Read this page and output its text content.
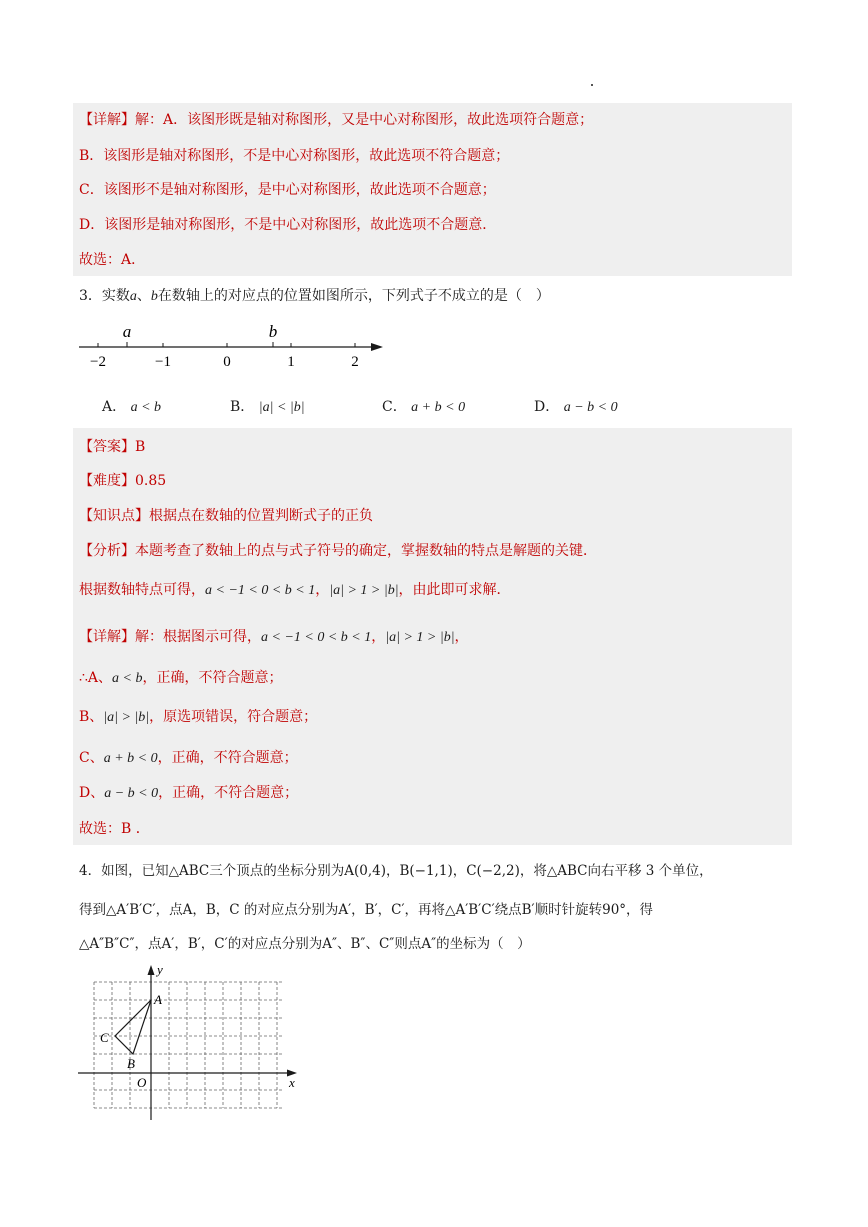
【详解】解：A．该图形既是轴对称图形，又是中心对称图形，故此选项符合题意；
B．该图形是轴对称图形，不是中心对称图形，故此选项不符合题意；
C．该图形不是轴对称图形，是中心对称图形，故此选项不合题意；
D．该图形是轴对称图形，不是中心对称图形，故此选项不合题意．
故选：A．
3．实数a、b在数轴上的对应点的位置如图所示，下列式子不成立的是（　）
a	b
−2	−1	0	1	2
A． a < b	B． |a| < |b|	C． a + b < 0	D． a − b < 0
【答案】B
【难度】0.85
【知识点】根据点在数轴的位置判断式子的正负
【分析】本题考查了数轴上的点与式子符号的确定，掌握数轴的特点是解题的关键．
根据数轴特点可得，a < −1 < 0 < b < 1，|a| > 1 > |b|，由此即可求解．
【详解】解：根据图示可得，a < −1 < 0 < b < 1，|a| > 1 > |b|，
∴A、a < b，正确，不符合题意；
B、|a| > |b|，原选项错误，符合题意；
C、a + b < 0，正确，不符合题意；
D、a − b < 0，正确，不符合题意；
故选：B ．
4．如图，已知△ABC三个顶点的坐标分别为A(0,4)，B(−1,1)，C(−2,2)，将△ABC向右平移 3 个单位，
得到△A′B′C′，点A，B，C 的对应点分别为A′，B′，C′，再将△A′B′C′绕点B′顺时针旋转90°，得
△A″B″C″，点A′，B′，C′的对应点分别为A″、B″、C″则点A″的坐标为（　）
y
x
O
A
B
C
